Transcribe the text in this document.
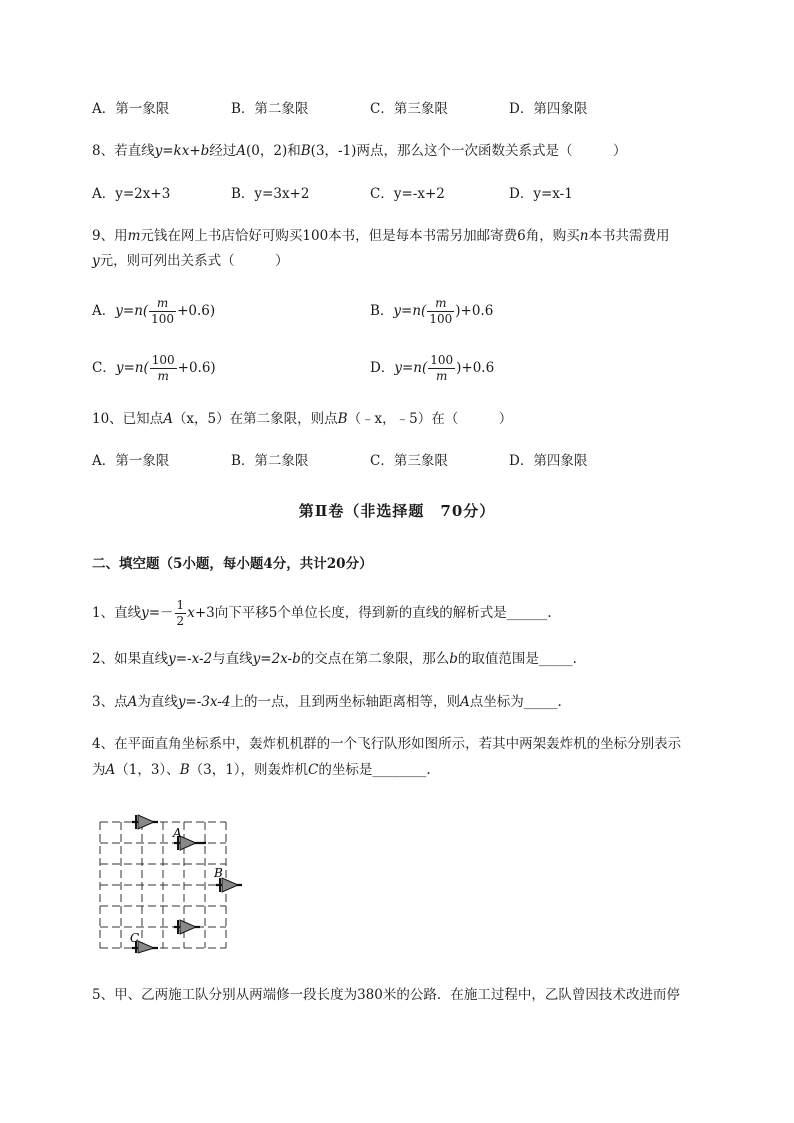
A．第一象限	B．第二象限	C．第三象限	D．第四象限
8、若直线y=kx+b经过A(0，2)和B(3，-1)两点，那么这个一次函数关系式是（　　　）
A．y=2x+3	B．y=3x+2	C．y=-x+2	D．y=x-1
9、用m元钱在网上书店恰好可购买100本书，但是每本书需另加邮寄费6角，购买n本书共需费用
y元，则可列出关系式（　　　）
A．$y=n( \frac{m}{100} +0.6)$	B．$y=n( \frac{m}{100} )+0.6$
C．$y=n( \frac{100}{m} +0.6)$	D．$y=n( \frac{100}{m} )+0.6$
10、已知点A（x，5）在第二象限，则点B（﹣x，﹣5）在（　　　）
A．第一象限	B．第二象限	C．第三象限	D．第四象限
第Ⅱ卷（非选择题　70分）
二、填空题（5小题，每小题4分，共计20分）
1、直线$y=- \frac{1}{2} x+3$向下平移5个单位长度，得到新的直线的解析式是______.
2、如果直线y=-x-2与直线y=2x-b的交点在第二象限，那么b的取值范围是_____.
3、点A为直线y=-3x-4上的一点，且到两坐标轴距离相等，则A点坐标为_____.
4、在平面直角坐标系中，轰炸机机群的一个飞行队形如图所示，若其中两架轰炸机的坐标分别表示
为A（1，3）、B（3，1），则轰炸机C的坐标是________.
A
B
C
5、甲、乙两施工队分别从两端修一段长度为380米的公路．在施工过程中，乙队曾因技术改进而停
